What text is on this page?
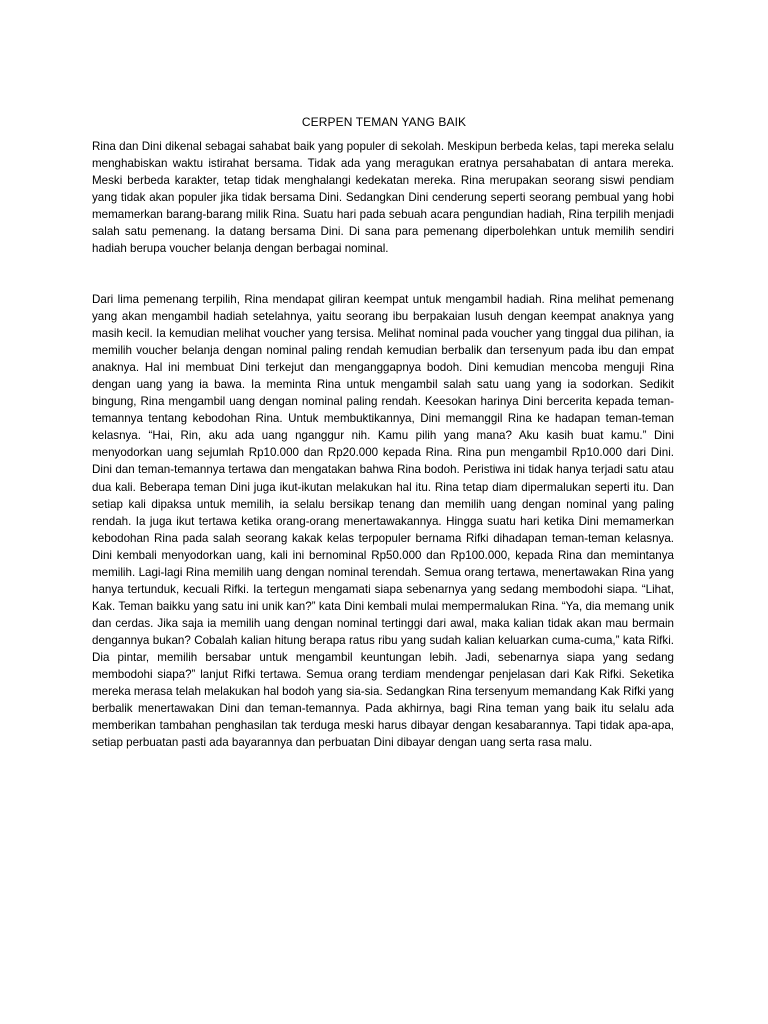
CERPEN TEMAN YANG BAIK

Rina dan Dini dikenal sebagai sahabat baik yang populer di sekolah. Meskipun berbeda kelas, tapi mereka selalu menghabiskan waktu istirahat bersama. Tidak ada yang meragukan eratnya persahabatan di antara mereka. Meski berbeda karakter, tetap tidak menghalangi kedekatan mereka. Rina merupakan seorang siswi pendiam yang tidak akan populer jika tidak bersama Dini. Sedangkan Dini cenderung seperti seorang pembual yang hobi memamerkan barang-barang milik Rina. Suatu hari pada sebuah acara pengundian hadiah, Rina terpilih menjadi salah satu pemenang. Ia datang bersama Dini. Di sana para pemenang diperbolehkan untuk memilih sendiri hadiah berupa voucher belanja dengan berbagai nominal.

Dari lima pemenang terpilih, Rina mendapat giliran keempat untuk mengambil hadiah. Rina melihat pemenang yang akan mengambil hadiah setelahnya, yaitu seorang ibu berpakaian lusuh dengan keempat anaknya yang masih kecil. Ia kemudian melihat voucher yang tersisa. Melihat nominal pada voucher yang tinggal dua pilihan, ia memilih voucher belanja dengan nominal paling rendah kemudian berbalik dan tersenyum pada ibu dan empat anaknya. Hal ini membuat Dini terkejut dan menganggapnya bodoh. Dini kemudian mencoba menguji Rina dengan uang yang ia bawa. Ia meminta Rina untuk mengambil salah satu uang yang ia sodorkan. Sedikit bingung, Rina mengambil uang dengan nominal paling rendah. Keesokan harinya Dini bercerita kepada teman-temannya tentang kebodohan Rina. Untuk membuktikannya, Dini memanggil Rina ke hadapan teman-teman kelasnya. “Hai, Rin, aku ada uang nganggur nih. Kamu pilih yang mana? Aku kasih buat kamu.” Dini menyodorkan uang sejumlah Rp10.000 dan Rp20.000 kepada Rina. Rina pun mengambil Rp10.000 dari Dini. Dini dan teman-temannya tertawa dan mengatakan bahwa Rina bodoh. Peristiwa ini tidak hanya terjadi satu atau dua kali. Beberapa teman Dini juga ikut-ikutan melakukan hal itu. Rina tetap diam dipermalukan seperti itu. Dan setiap kali dipaksa untuk memilih, ia selalu bersikap tenang dan memilih uang dengan nominal yang paling rendah. Ia juga ikut tertawa ketika orang-orang menertawakannya. Hingga suatu hari ketika Dini memamerkan kebodohan Rina pada salah seorang kakak kelas terpopuler bernama Rifki dihadapan teman-teman kelasnya. Dini kembali menyodorkan uang, kali ini bernominal Rp50.000 dan Rp100.000, kepada Rina dan memintanya memilih. Lagi-lagi Rina memilih uang dengan nominal terendah. Semua orang tertawa, menertawakan Rina yang hanya tertunduk, kecuali Rifki. Ia tertegun mengamati siapa sebenarnya yang sedang membodohi siapa. “Lihat, Kak. Teman baikku yang satu ini unik kan?” kata Dini kembali mulai mempermalukan Rina. “Ya, dia memang unik dan cerdas. Jika saja ia memilih uang dengan nominal tertinggi dari awal, maka kalian tidak akan mau bermain dengannya bukan? Cobalah kalian hitung berapa ratus ribu yang sudah kalian keluarkan cuma-cuma,” kata Rifki. Dia pintar, memilih bersabar untuk mengambil keuntungan lebih. Jadi, sebenarnya siapa yang sedang membodohi siapa?” lanjut Rifki tertawa. Semua orang terdiam mendengar penjelasan dari Kak Rifki. Seketika mereka merasa telah melakukan hal bodoh yang sia-sia. Sedangkan Rina tersenyum memandang Kak Rifki yang berbalik menertawakan Dini dan teman-temannya. Pada akhirnya, bagi Rina teman yang baik itu selalu ada memberikan tambahan penghasilan tak terduga meski harus dibayar dengan kesabarannya. Tapi tidak apa-apa, setiap perbuatan pasti ada bayarannya dan perbuatan Dini dibayar dengan uang serta rasa malu.
